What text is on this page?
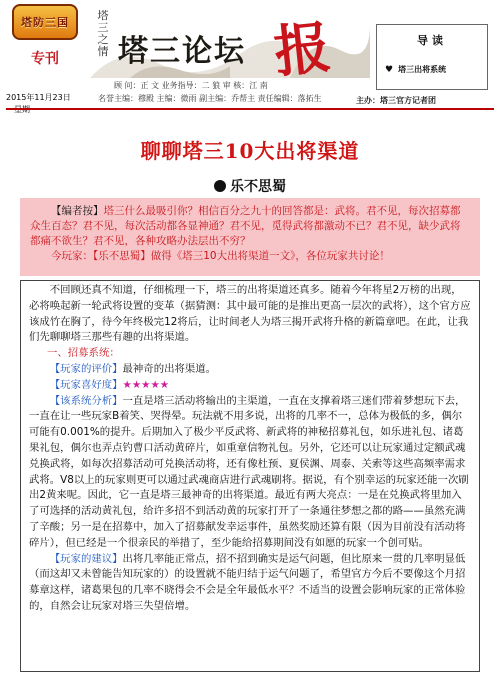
塔防三国
专刊
2015年11月23日
塔三之情 塔三论坛 报
顾 问：正 文 业务指导：二 狼 审 核：江 南
名誉主编：穆殿 主编：微雨 副主编：乔帮主 责任编辑：落拓生	主办：塔三官方记者团
导读
♥ 塔三出将系统
聊聊塔三10大出将渠道
乐不思蜀

【编者按】塔三什么最吸引你？相信百分之九十的回答都是：武将。君不见，每次招募都众生百态？君不见，每次活动都各显神通？君不见，觅得武将都激动不已？君不见，缺少武将都痛不欲生？君不见，各种攻略办法层出不穷？

今玩家：【乐不思蜀】做得《塔三10大出将渠道一文》，各位玩家共讨论！

不回顾还真不知道，仔细梳理一下，塔三的出将渠道还真多。随着今年将星2万榜的出现，必将唤起新一轮武将设置的变革（据猜测：其中最可能的是推出更高一层次的武将），这个官方应该成竹在胸了，待今年终极完12将后，让时间老人为塔三揭开武将升格的新篇章吧。在此，让我们先聊聊塔三那些有趣的出将渠道。

一、招募系统：

【玩家的评价】最神奇的出将渠道。

【玩家喜好度】★★★★★

【该系统分析】一直是塔三活动将输出的主渠道，一直在支撑着塔三迷们带着梦想玩下去，一直在让一些玩家B着笑、哭得晕。玩法就不用多说，出将的几率不一，总体为极低的多，偶尔可能有0.001%的提升。后期加入了极少平反武将、新武将的神秘招募礼包，如乐进礼包、诸葛果礼包，偶尔也弄点钓曹口活动黄碎片，如重章信物礼包。另外，它还可以让玩家通过定额武魂兑换武将，如每次招募活动可兑换活动将，还有像杜预、夏侯渊、周泰、关索等这些高频率需求武将。V8以上的玩家则更可以通过武魂商店进行武魂刷将。据说，有个别幸运的玩家还能一次刷出2黄来呢。因此，它一直是塔三最神奇的出将渠道。最近有两大亮点：一是在兑换武将里加入了可选择的活动黄礼包，给许多招不到活动黄的玩家打开了一条通往梦想之都的路——虽然充满了辛酸；另一是在招募中，加入了招募献发幸运事件，虽然奖励还算有限（因为目前没有活动将碎片），但已经是一个很亲民的举措了，至少能给招募期间没有如愿的玩家一个创可贴。

【玩家的建议】出将几率能正常点，招不招到确实是运气问题，但比原来一贯的几率明显低（而这却又未曾能告知玩家的）的设置就不能归结于运气问题了，希望官方今后不要像这个月招募章这样，诸葛果包的几率不晓得会不会是全年最低水平？不适当的设置会影响玩家的正常体验的，自然会让玩家对塔三失望倍增。
